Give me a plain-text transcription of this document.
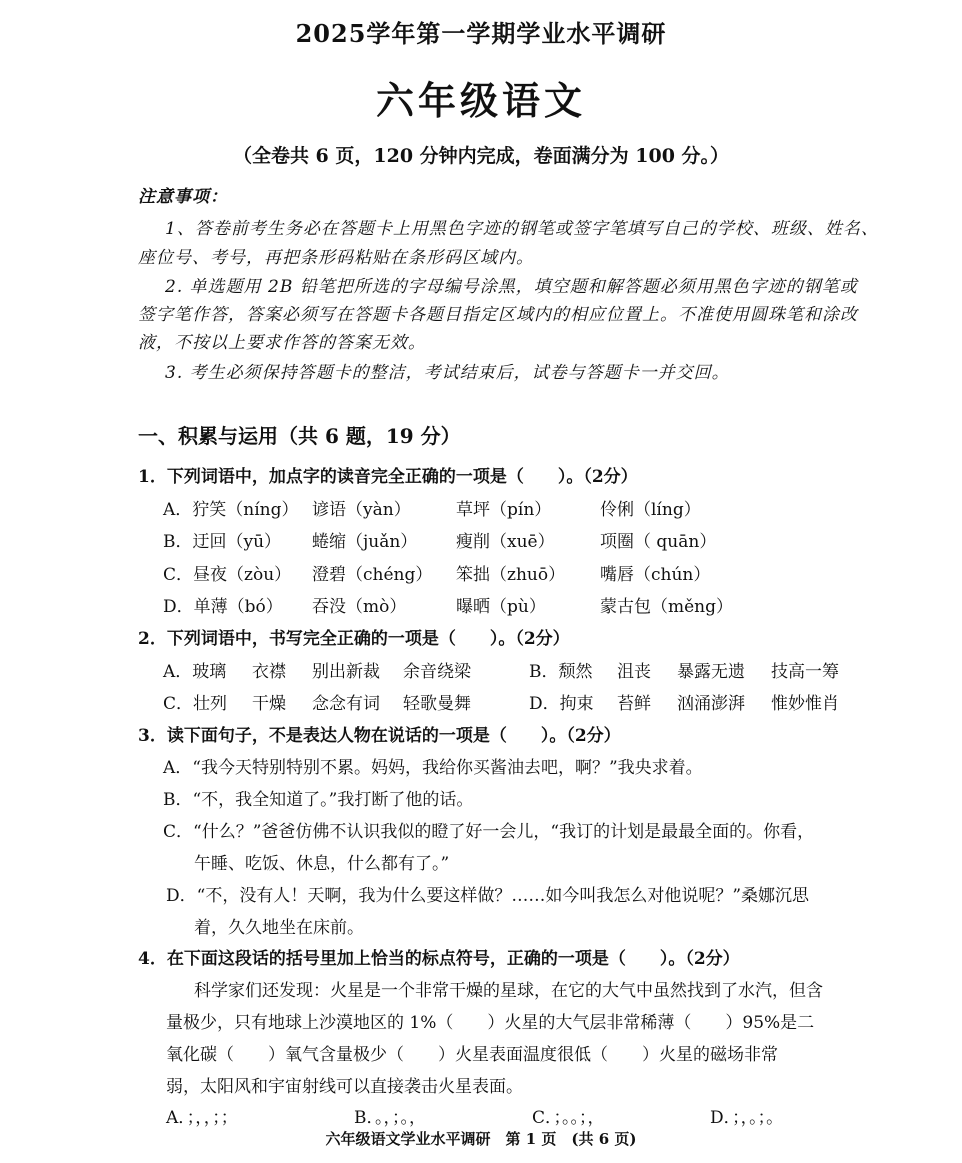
2025学年第一学期学业水平调研
六年级语文
（全卷共 6 页，120 分钟内完成，卷面满分为 100 分。）
注意事项：
1、答卷前考生务必在答题卡上用黑色字迹的钢笔或签字笔填写自己的学校、班级、姓名、
座位号、考号，再把条形码粘贴在条形码区域内。
2. 单选题用 2B 铅笔把所选的字母编号涂黑，填空题和解答题必须用黑色字迹的钢笔或
签字笔作答，答案必须写在答题卡各题目指定区域内的相应位置上。不准使用圆珠笔和涂改
液，不按以上要求作答的答案无效。
3. 考生必须保持答题卡的整洁，考试结束后，试卷与答题卡一并交回。
一、积累与运用（共 6 题，19 分）
1．下列词语中，加点字的读音完全正确的一项是（　　）。（2分）
A．狞笑（níng） 谚语（yàn）	草坪（pín）	伶俐（líng）
B．迂回（yū） 蜷缩（juǎn） 瘦削（xuē）	项圈（ quān）
C．昼夜（zòu） 澄碧（chéng） 笨拙（zhuō） 嘴唇（chún）
D．单薄（bó） 吞没（mò）	曝晒（pù）	蒙古包（měng）
2．下列词语中，书写完全正确的一项是（　　）。（2分）
A．玻璃 衣襟 别出新裁 余音绕梁	B．颓然 沮丧 暴露无遗 技高一筹
C．壮列 干燥 念念有词 轻歌曼舞	D．拘束 苔鲜 汹涌澎湃 惟妙惟肖
3．读下面句子，不是表达人物在说话的一项是（　　）。（2分）
A．“我今天特别特别不累。妈妈，我给你买酱油去吧，啊？”我央求着。
B．“不，我全知道了。”我打断了他的话。
C．“什么？”爸爸仿佛不认识我似的瞪了好一会儿，“我订的计划是最最全面的。你看，
午睡、吃饭、休息，什么都有了。”
D．“不，没有人！天啊，我为什么要这样做？……如今叫我怎么对他说呢？”桑娜沉思
着，久久地坐在床前。
4．在下面这段话的括号里加上恰当的标点符号，正确的一项是（　　）。（2分）
科学家们还发现：火星是一个非常干燥的星球，在它的大气中虽然找到了水汽，但含
量极少，只有地球上沙漠地区的 1%（　　）火星的大气层非常稀薄（　　）95%是二
氧化碳（　　）氧气含量极少（　　）火星表面温度很低（　　）火星的磁场非常
弱，太阳风和宇宙射线可以直接袭击火星表面。
A．；，，；；	B．。，；。，	C．；。。；，	D．；，。；。
六年级语文学业水平调研　第 1 页　(共 6 页)
